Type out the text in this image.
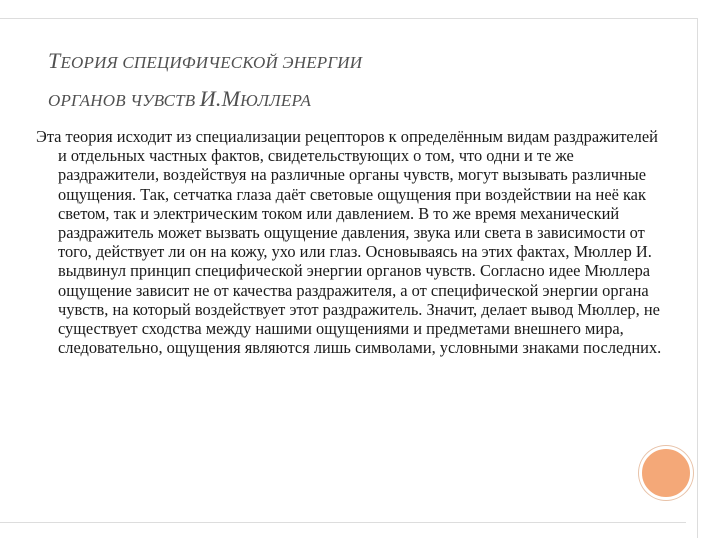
ТЕОРИЯ СПЕЦИФИЧЕСКОЙ ЭНЕРГИИ
ОРГАНОВ ЧУВСТВ И.МЮЛЛЕРА
Эта теория исходит из специализации рецепторов к определённым видам раздражителей и отдельных частных фактов, свидетельствующих о том, что одни и те же раздражители, воздействуя на различные органы чувств, могут вызывать различные ощущения. Так, сетчатка глаза даёт световые ощущения при воздействии на неё как светом, так и электрическим током или давлением. В то же время механический раздражитель может вызвать ощущение давления, звука или света в зависимости от того, действует ли он на кожу, ухо или глаз. Основываясь на этих фактах, Мюллер И. выдвинул принцип специфической энергии органов чувств. Согласно идее Мюллера ощущение зависит не от качества раздражителя, а от специфической энергии органа чувств, на который воздействует этот раздражитель. Значит, делает вывод Мюллер, не существует сходства между нашими ощущениями и предметами внешнего мира, следовательно, ощущения являются лишь символами, условными знаками последних.
